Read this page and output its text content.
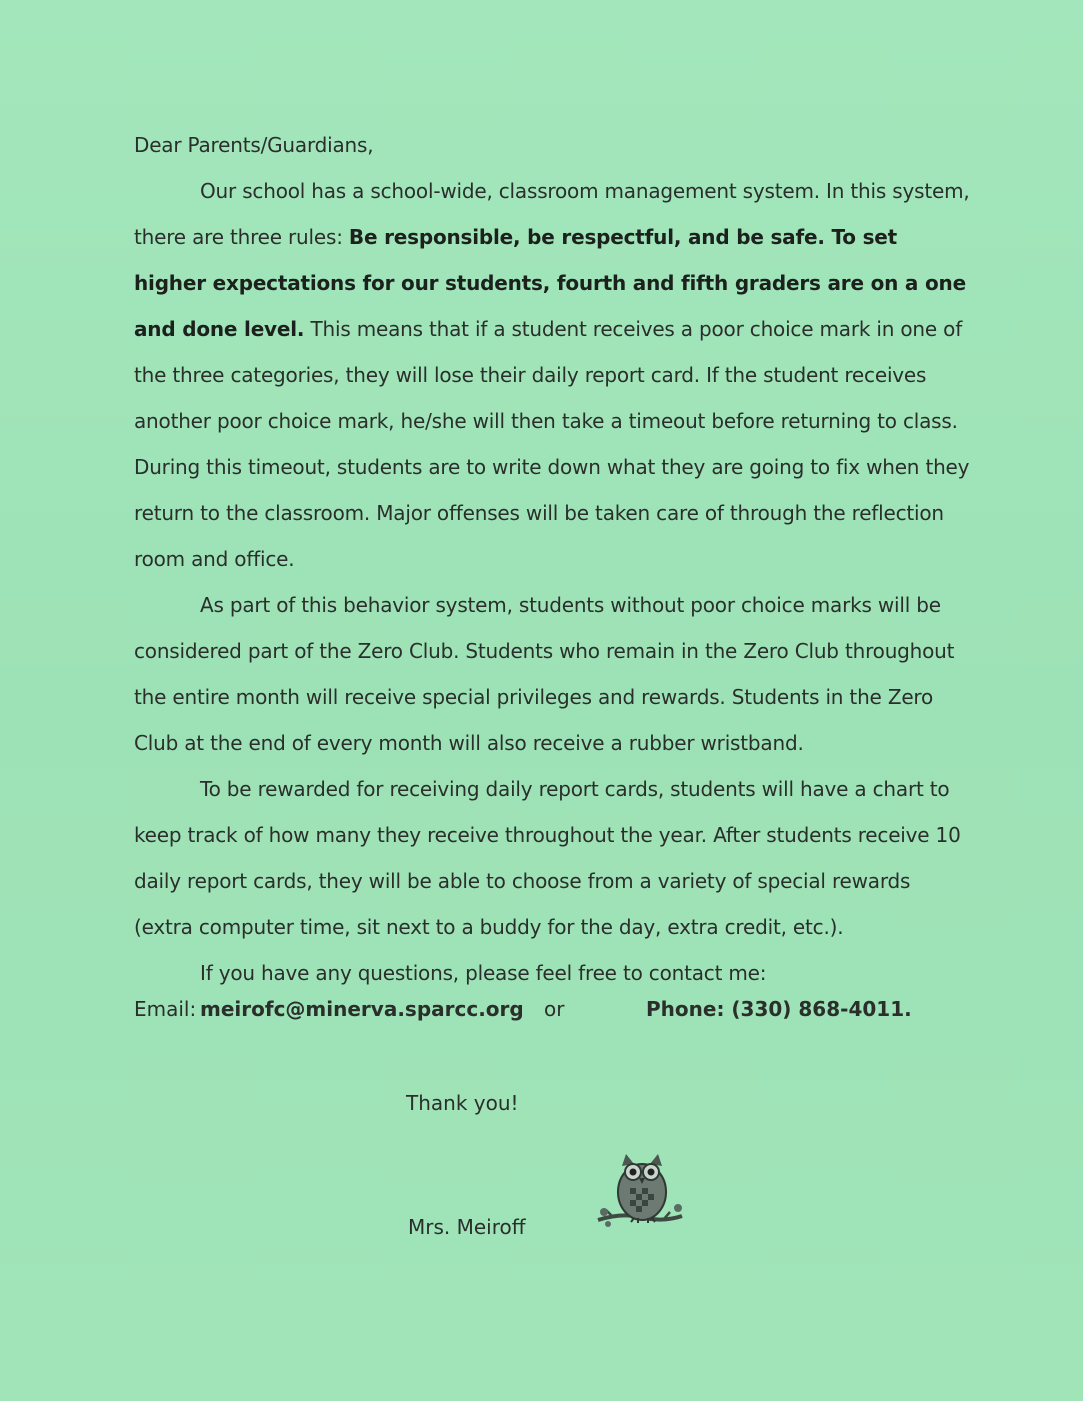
Dear Parents/Guardians,

Our school has a school-wide, classroom management system. In this system, there are three rules: Be responsible, be respectful, and be safe. To set higher expectations for our students, fourth and fifth graders are on a one and done level. This means that if a student receives a poor choice mark in one of the three categories, they will lose their daily report card. If the student receives another poor choice mark, he/she will then take a timeout before returning to class. During this timeout, students are to write down what they are going to fix when they return to the classroom. Major offenses will be taken care of through the reflection room and office.

As part of this behavior system, students without poor choice marks will be considered part of the Zero Club. Students who remain in the Zero Club throughout the entire month will receive special privileges and rewards. Students in the Zero Club at the end of every month will also receive a rubber wristband.

To be rewarded for receiving daily report cards, students will have a chart to keep track of how many they receive throughout the year. After students receive 10 daily report cards, they will be able to choose from a variety of special rewards (extra computer time, sit next to a buddy for the day, extra credit, etc.).

If you have any questions, please feel free to contact me:

Email: meirofc@minerva.sparcc.org or	Phone: (330) 868-4011.
Thank you!
Mrs. Meiroff
